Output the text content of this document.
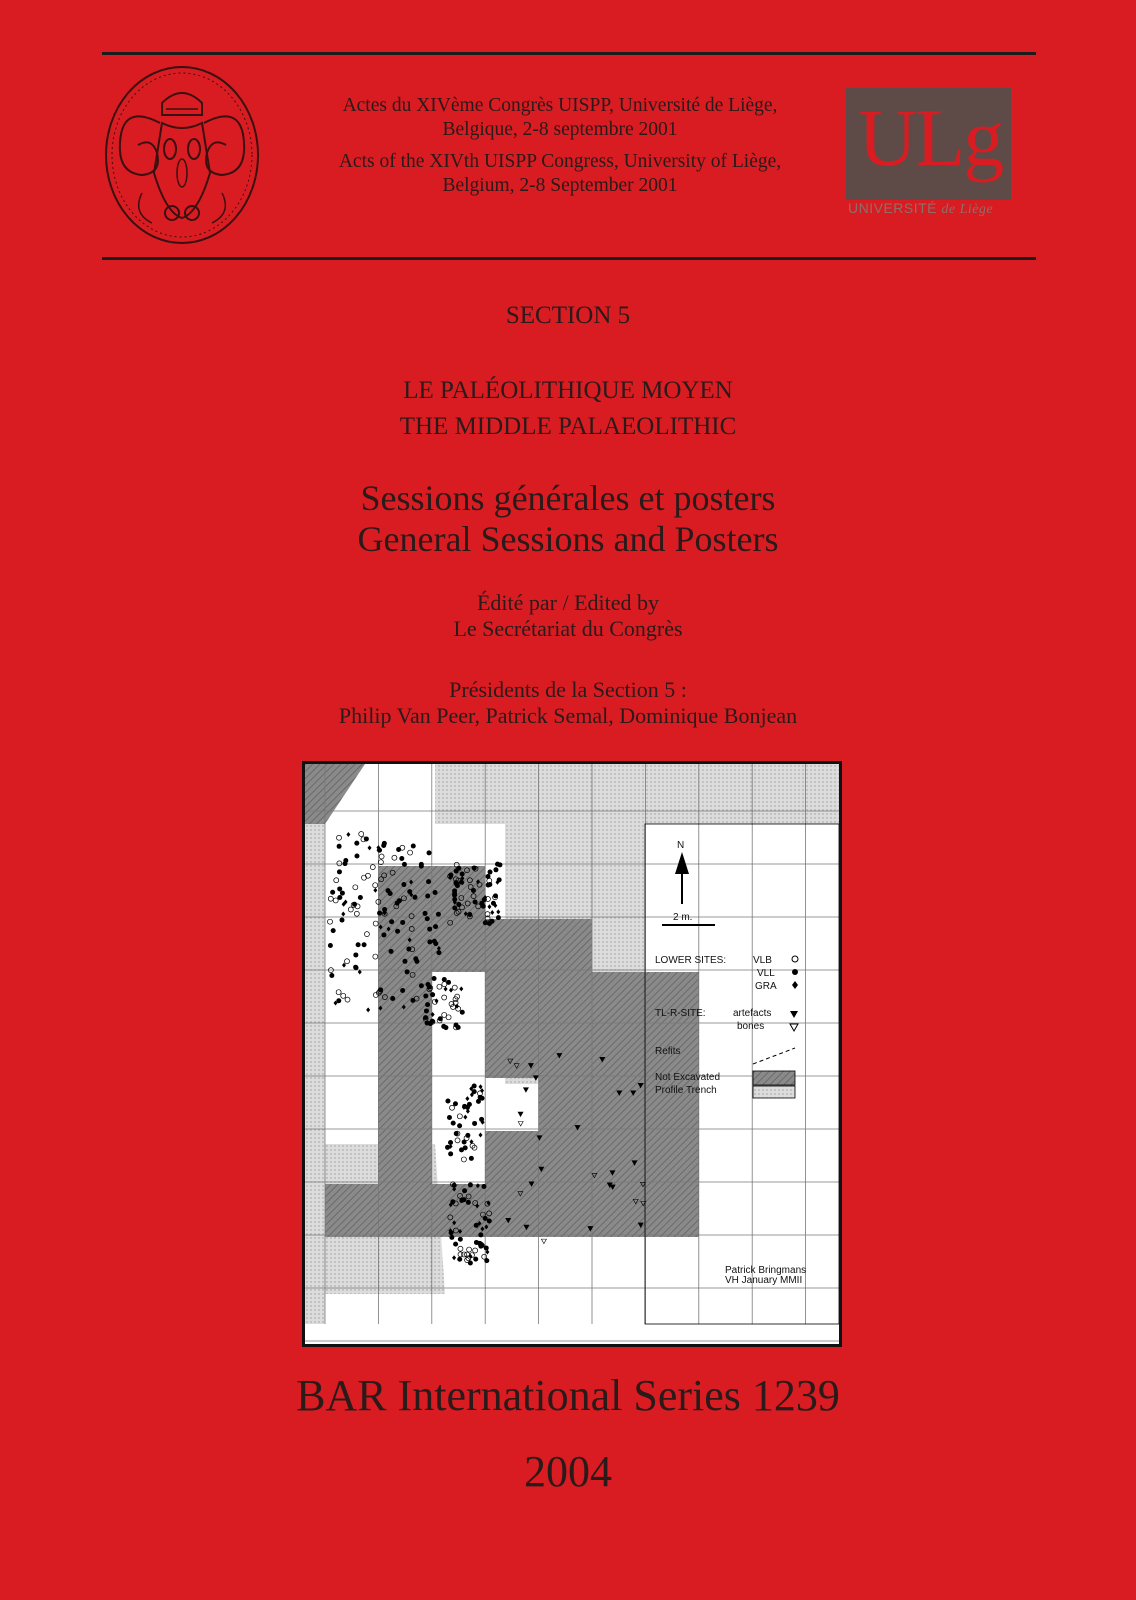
Actes du XIVème Congrès UISPP, Université de Liège,
Belgique, 2-8 septembre 2001

Acts of the XIVth UISPP Congress, University of Liège,
Belgium, 2-8 September 2001

ULg
UNIVERSITÉ de Liège
SECTION 5
LE PALÉOLITHIQUE MOYEN
THE MIDDLE PALAEOLITHIC
Sessions générales et posters
General Sessions and Posters
Édité par / Edited by
Le Secrétariat du Congrès
Présidents de la Section 5 :
Philip Van Peer, Patrick Semal, Dominique Bonjean
N
2 m.
LOWER SITES:	VLB
VLL
GRA
TL-R-SITE:	artefacts
bones
Refits
Not Excavated
Profile Trench
Patrick Bringmans
VH January MMII
BAR International Series 1239
2004
